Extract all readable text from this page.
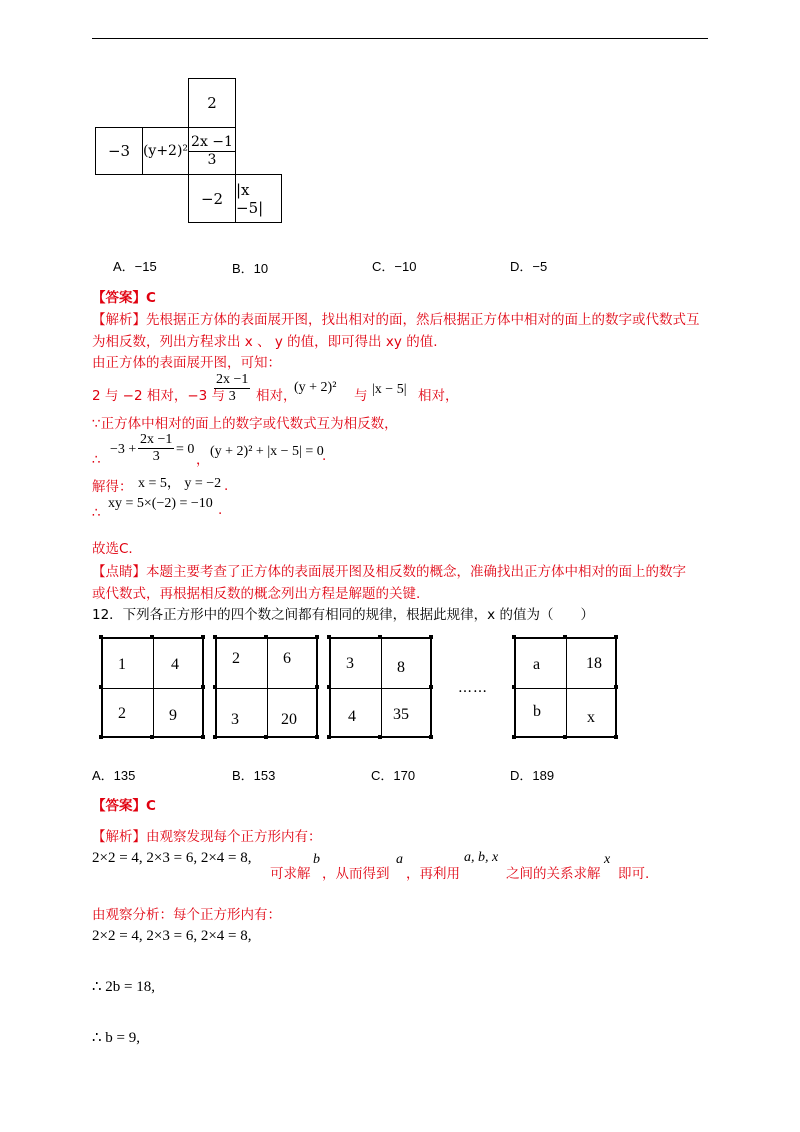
2
−3 $(y+2)^2 \frac{2x -1}{3}$
−2 |x −5|
A．−15	B．10	C．−10	D．−5
【答案】C
【解析】先根据正方体的表面展开图，找出相对的面，然后根据正方体中相对的面上的数字或代数式互
为相反数，列出方程求出 x 、 y 的值，即可得出 xy 的值.
由正方体的表面展开图，可知：
2 与 −2 相对，−3 与
$\frac{2x -1}{3}$ 相对，
(y + 2)²
与 |x − 5| 相对，
∵正方体中相对的面上的数字或代数式互为相反数，
$-3 + \frac{2x -1}{3} = 0$
，
(y + 2)² + |x − 5| = 0
.
∴
解得： x = 5， y = −2 .
∴
xy = 5×(−2) = −10 .
故选C.
【点睛】本题主要考查了正方体的表面展开图及相反数的概念，准确找出正方体中相对的面上的数字
或代数式，再根据相反数的概念列出方程是解题的关键.
12．下列各正方形中的四个数之间都有相同的规律，根据此规律，x 的值为（　　）
1	4
2	9
2	6
3	20
3	8
4 35
……
a	18
b	x
A．135	B．153	C．170	D．189
【答案】C
【解析】由观察发现每个正方形内有：
2×2 = 4, 2×3 = 6, 2×4 = 8,
可求解
b
，从而得到
a
，再利用
a, b, x
之间的关系求解
x
即可.
由观察分析：每个正方形内有：
2×2 = 4, 2×3 = 6, 2×4 = 8,
∴ 2b = 18,
∴ b = 9,
